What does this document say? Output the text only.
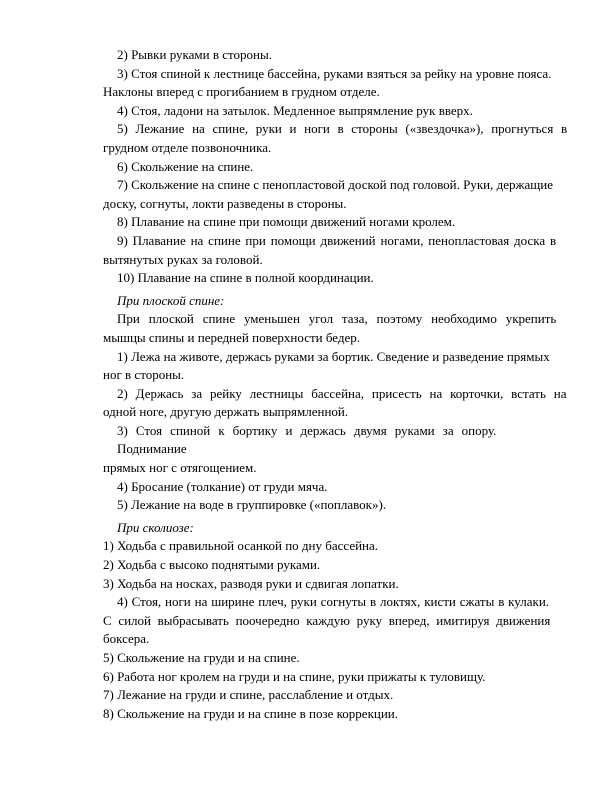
2) Рывки руками в стороны.
3) Стоя спиной к лестнице бассейна, руками взяться за рейку на уровне пояса.
Наклоны вперед с прогибанием в грудном отделе.
4) Стоя, ладони на затылок. Медленное выпрямление рук вверх.
5) Лежание на спине, руки и ноги в стороны («звездочка»), прогнуться в
грудном отделе позвоночника.
6) Скольжение на спине.
7) Скольжение на спине с пенопластовой доской под головой. Руки, держащие
доску, согнуты, локти разведены в стороны.
8) Плавание на спине при помощи движений ногами кролем.
9) Плавание на спине при помощи движений ногами, пенопластовая доска в
вытянутых руках за головой.
10) Плавание на спине в полной координации.
При плоской спине:
При плоской спине уменьшен угол таза, поэтому необходимо укрепить
мышцы спины и передней поверхности бедер.
1) Лежа на животе, держась руками за бортик. Сведение и разведение прямых
ног в стороны.
2) Держась за рейку лестницы бассейна, присесть на корточки, встать на
одной ноге, другую держать выпрямленной.
3) Стоя спиной к бортику и держась двумя руками за опору. Поднимание
прямых ног с отягощением.
4) Бросание (толкание) от груди мяча.
5) Лежание на воде в группировке («поплавок»).
При сколиозе:
1) Ходьба с правильной осанкой по дну бассейна.
2) Ходьба с высоко поднятыми руками.
3) Ходьба на носках, разводя руки и сдвигая лопатки.
4) Стоя, ноги на ширине плеч, руки согнуты в локтях, кисти сжаты в кулаки.
С силой выбрасывать поочередно каждую руку вперед, имитируя движения
боксера.
5) Скольжение на груди и на спине.
6) Работа ног кролем на груди и на спине, руки прижаты к туловищу.
7) Лежание на груди и спине, расслабление и отдых.
8) Скольжение на груди и на спине в позе коррекции.
